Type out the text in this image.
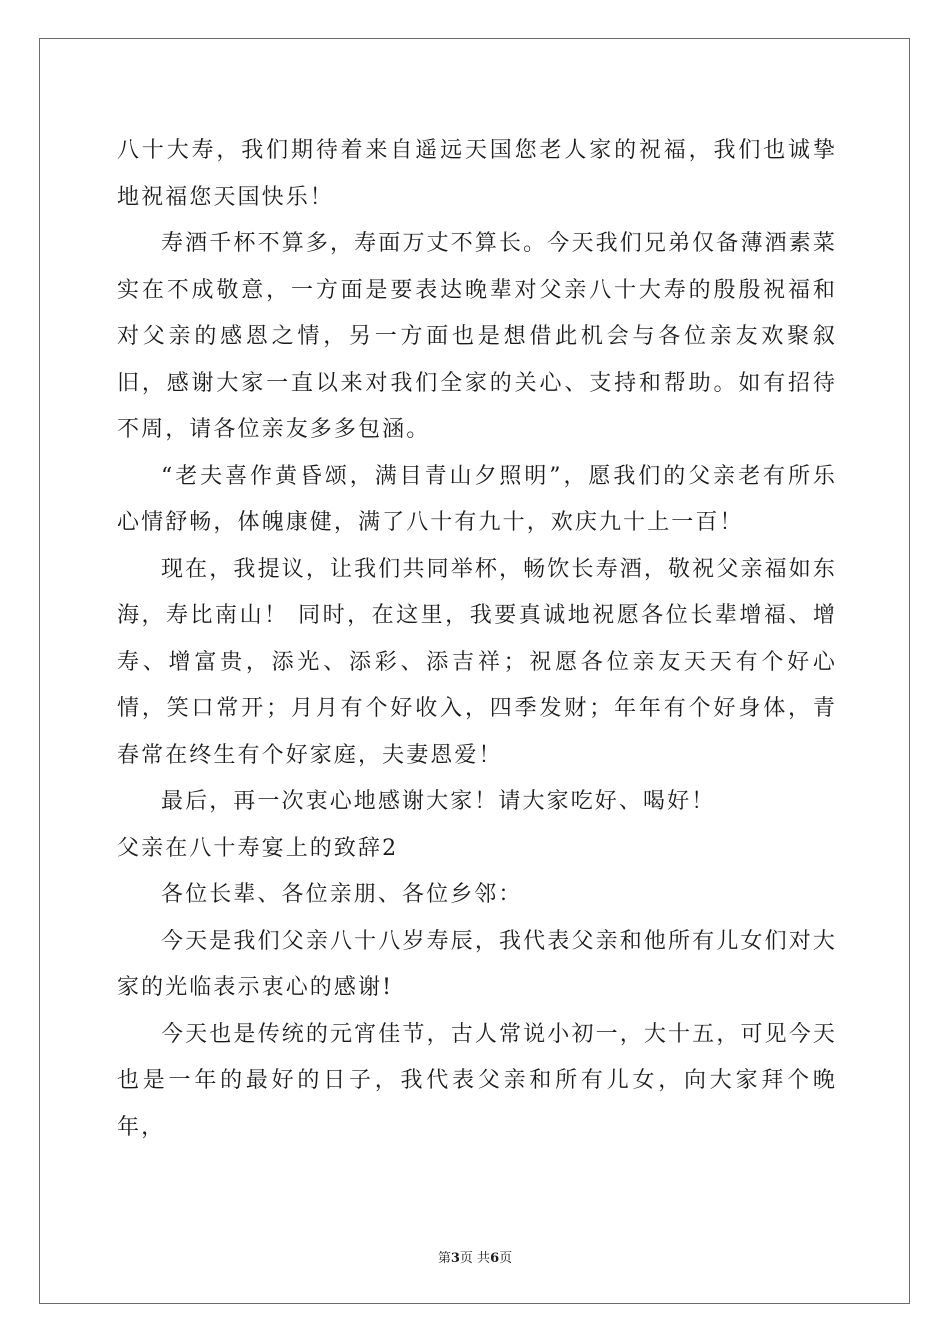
八十大寿，我们期待着来自遥远天国您老人家的祝福，我们也诚挚地祝福您天国快乐！

寿酒千杯不算多，寿面万丈不算长。今天我们兄弟仅备薄酒素菜实在不成敬意，一方面是要表达晚辈对父亲八十大寿的殷殷祝福和对父亲的感恩之情，另一方面也是想借此机会与各位亲友欢聚叙旧，感谢大家一直以来对我们全家的关心、支持和帮助。如有招待不周，请各位亲友多多包涵。

“老夫喜作黄昏颂，满目青山夕照明”，愿我们的父亲老有所乐心情舒畅，体魄康健，满了八十有九十，欢庆九十上一百！

现在，我提议，让我们共同举杯，畅饮长寿酒，敬祝父亲福如东海，寿比南山！ 同时，在这里，我要真诚地祝愿各位长辈增福、增寿、增富贵，添光、添彩、添吉祥；祝愿各位亲友天天有个好心情，笑口常开；月月有个好收入，四季发财；年年有个好身体，青春常在终生有个好家庭，夫妻恩爱！

最后，再一次衷心地感谢大家！请大家吃好、喝好！

父亲在八十寿宴上的致辞2

各位长辈、各位亲朋、各位乡邻：

今天是我们父亲八十八岁寿辰，我代表父亲和他所有儿女们对大家的光临表示衷心的感谢!

今天也是传统的元宵佳节，古人常说小初一，大十五，可见今天也是一年的最好的日子，我代表父亲和所有儿女，向大家拜个晚年，

第3页 共6页
